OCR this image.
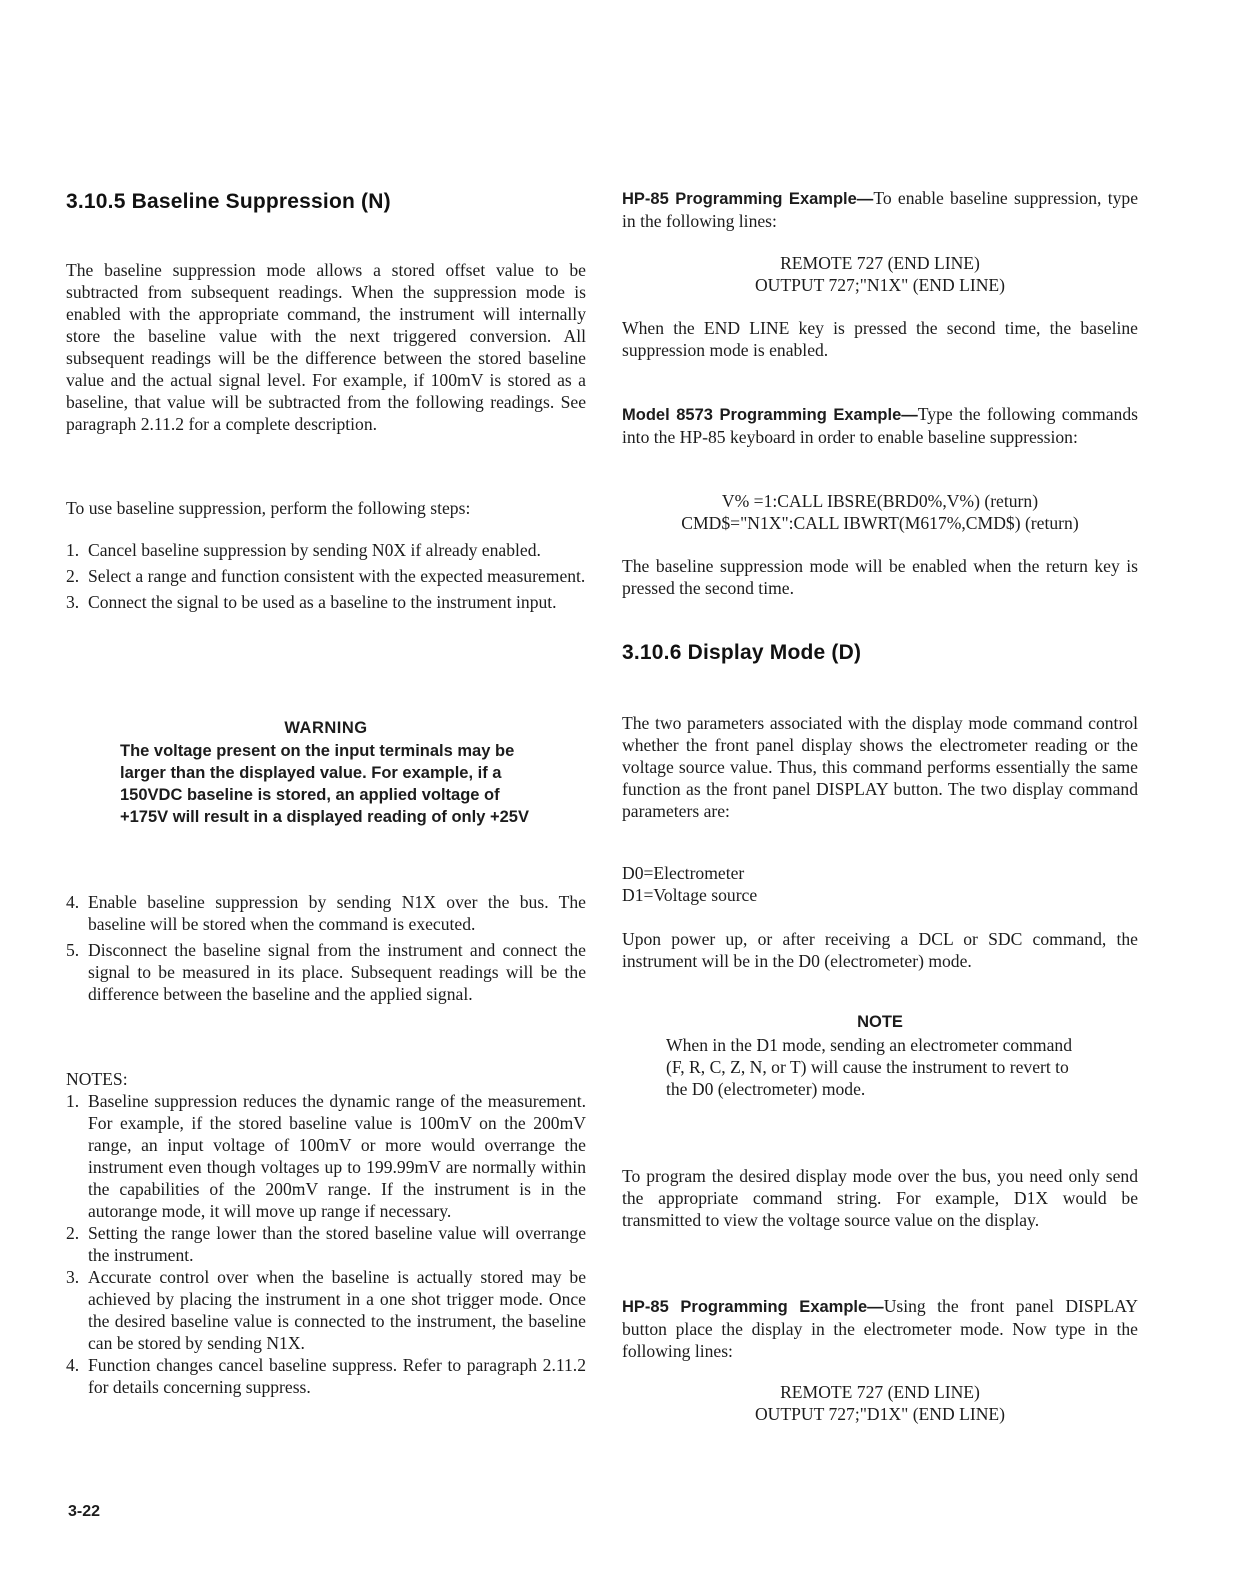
3.10.5 Baseline Suppression (N)

The baseline suppression mode allows a stored offset value to be subtracted from subsequent readings. When the suppression mode is enabled with the appropriate command, the instrument will internally store the baseline value with the next triggered conversion. All subsequent readings will be the difference between the stored baseline value and the actual signal level. For example, if 100mV is stored as a baseline, that value will be subtracted from the following readings. See paragraph 2.11.2 for a complete description.

To use baseline suppression, perform the following steps:

1. Cancel baseline suppression by sending N0X if already enabled.
2. Select a range and function consistent with the expected measurement.
3. Connect the signal to be used as a baseline to the instrument input.
WARNING
The voltage present on the input terminals may be larger than the displayed value. For example, if a 150VDC baseline is stored, an applied voltage of +175V will result in a displayed reading of only +25V
4. Enable baseline suppression by sending N1X over the bus. The baseline will be stored when the command is executed.
5. Disconnect the baseline signal from the instrument and connect the signal to be measured in its place. Subsequent readings will be the difference between the baseline and the applied signal.

NOTES:

1. Baseline suppression reduces the dynamic range of the measurement. For example, if the stored baseline value is 100mV on the 200mV range, an input voltage of 100mV or more would overrange the instrument even though voltages up to 199.99mV are normally within the capabilities of the 200mV range. If the instrument is in the autorange mode, it will move up range if necessary.
2. Setting the range lower than the stored baseline value will overrange the instrument.
3. Accurate control over when the baseline is actually stored may be achieved by placing the instrument in a one shot trigger mode. Once the desired baseline value is connected to the instrument, the baseline can be stored by sending N1X.
4. Function changes cancel baseline suppress. Refer to paragraph 2.11.2 for details concerning suppress.

HP-85 Programming Example—To enable baseline suppression, type in the following lines:

REMOTE 727 (END LINE)
OUTPUT 727;"N1X" (END LINE)

When the END LINE key is pressed the second time, the baseline suppression mode is enabled.

Model 8573 Programming Example—Type the following commands into the HP-85 keyboard in order to enable baseline suppression:

V% =1:CALL IBSRE(BRD0%,V%) (return)
CMD$="N1X":CALL IBWRT(M617%,CMD$) (return)

The baseline suppression mode will be enabled when the return key is pressed the second time.

3.10.6 Display Mode (D)

The two parameters associated with the display mode command control whether the front panel display shows the electrometer reading or the voltage source value. Thus, this command performs essentially the same function as the front panel DISPLAY button. The two display command parameters are:

D0=Electrometer

D1=Voltage source

Upon power up, or after receiving a DCL or SDC command, the instrument will be in the D0 (electrometer) mode.

NOTE
When in the D1 mode, sending an electrometer command (F, R, C, Z, N, or T) will cause the instrument to revert to the D0 (electrometer) mode.

To program the desired display mode over the bus, you need only send the appropriate command string. For example, D1X would be transmitted to view the voltage source value on the display.

HP-85 Programming Example—Using the front panel DISPLAY button place the display in the electrometer mode. Now type in the following lines:

REMOTE 727 (END LINE)
OUTPUT 727;"D1X" (END LINE)
3-22
